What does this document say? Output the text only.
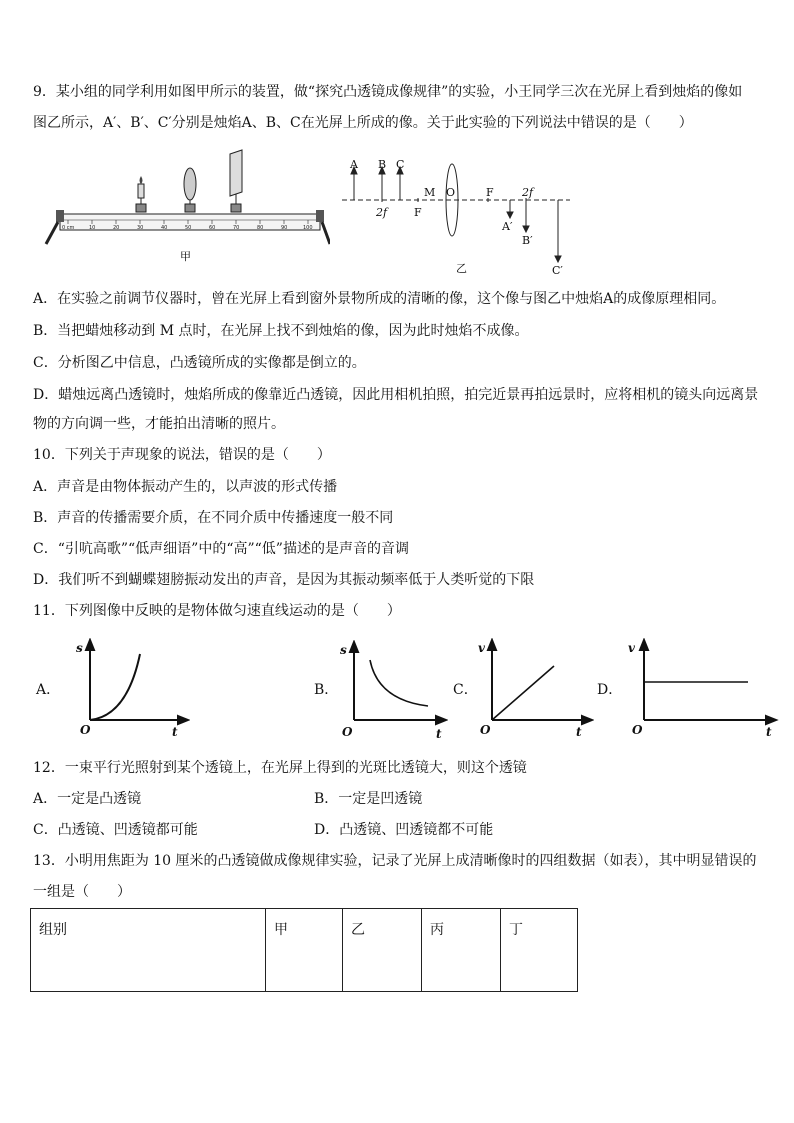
9．某小组的同学利用如图甲所示的装置，做“探究凸透镜成像规律”的实验，小王同学三次在光屏上看到烛焰的像如
图乙所示，A′、B′、C′分别是烛焰A、B、C在光屏上所成的像。关于此实验的下列说法中错误的是（　　）
0 cm	10	20	30	40	50	60	70	80	90	100
甲
A B C
2f F
M O	F	2f
A′
B′
C′
乙
A．在实验之前调节仪器时，曾在光屏上看到窗外景物所成的清晰的像，这个像与图乙中烛焰A的成像原理相同。
B．当把蜡烛移动到 M 点时，在光屏上找不到烛焰的像，因为此时烛焰不成像。
C．分析图乙中信息，凸透镜所成的实像都是倒立的。
D．蜡烛远离凸透镜时，烛焰所成的像靠近凸透镜，因此用相机拍照，拍完近景再拍远景时，应将相机的镜头向远离景
物的方向调一些，才能拍出清晰的照片。
10．下列关于声现象的说法，错误的是（　　）
A．声音是由物体振动产生的，以声波的形式传播
B．声音的传播需要介质，在不同介质中传播速度一般不同
C．“引吭高歌”“低声细语”中的“高”“低”描述的是声音的音调
D．我们听不到蝴蝶翅膀振动发出的声音，是因为其振动频率低于人类听觉的下限
11．下列图像中反映的是物体做匀速直线运动的是（　　）
A．
s
t
O
B．
s
t
O
C．
v
t
O
D．
v
t
O
12．一束平行光照射到某个透镜上，在光屏上得到的光斑比透镜大，则这个透镜
A．一定是凸透镜	B．一定是凹透镜
C．凸透镜、凹透镜都可能	D．凸透镜、凹透镜都不可能
13．小明用焦距为 10 厘米的凸透镜做成像规律实验，记录了光屏上成清晰像时的四组数据（如表），其中明显错误的
一组是（　　）
组别	甲	乙	丙	丁
